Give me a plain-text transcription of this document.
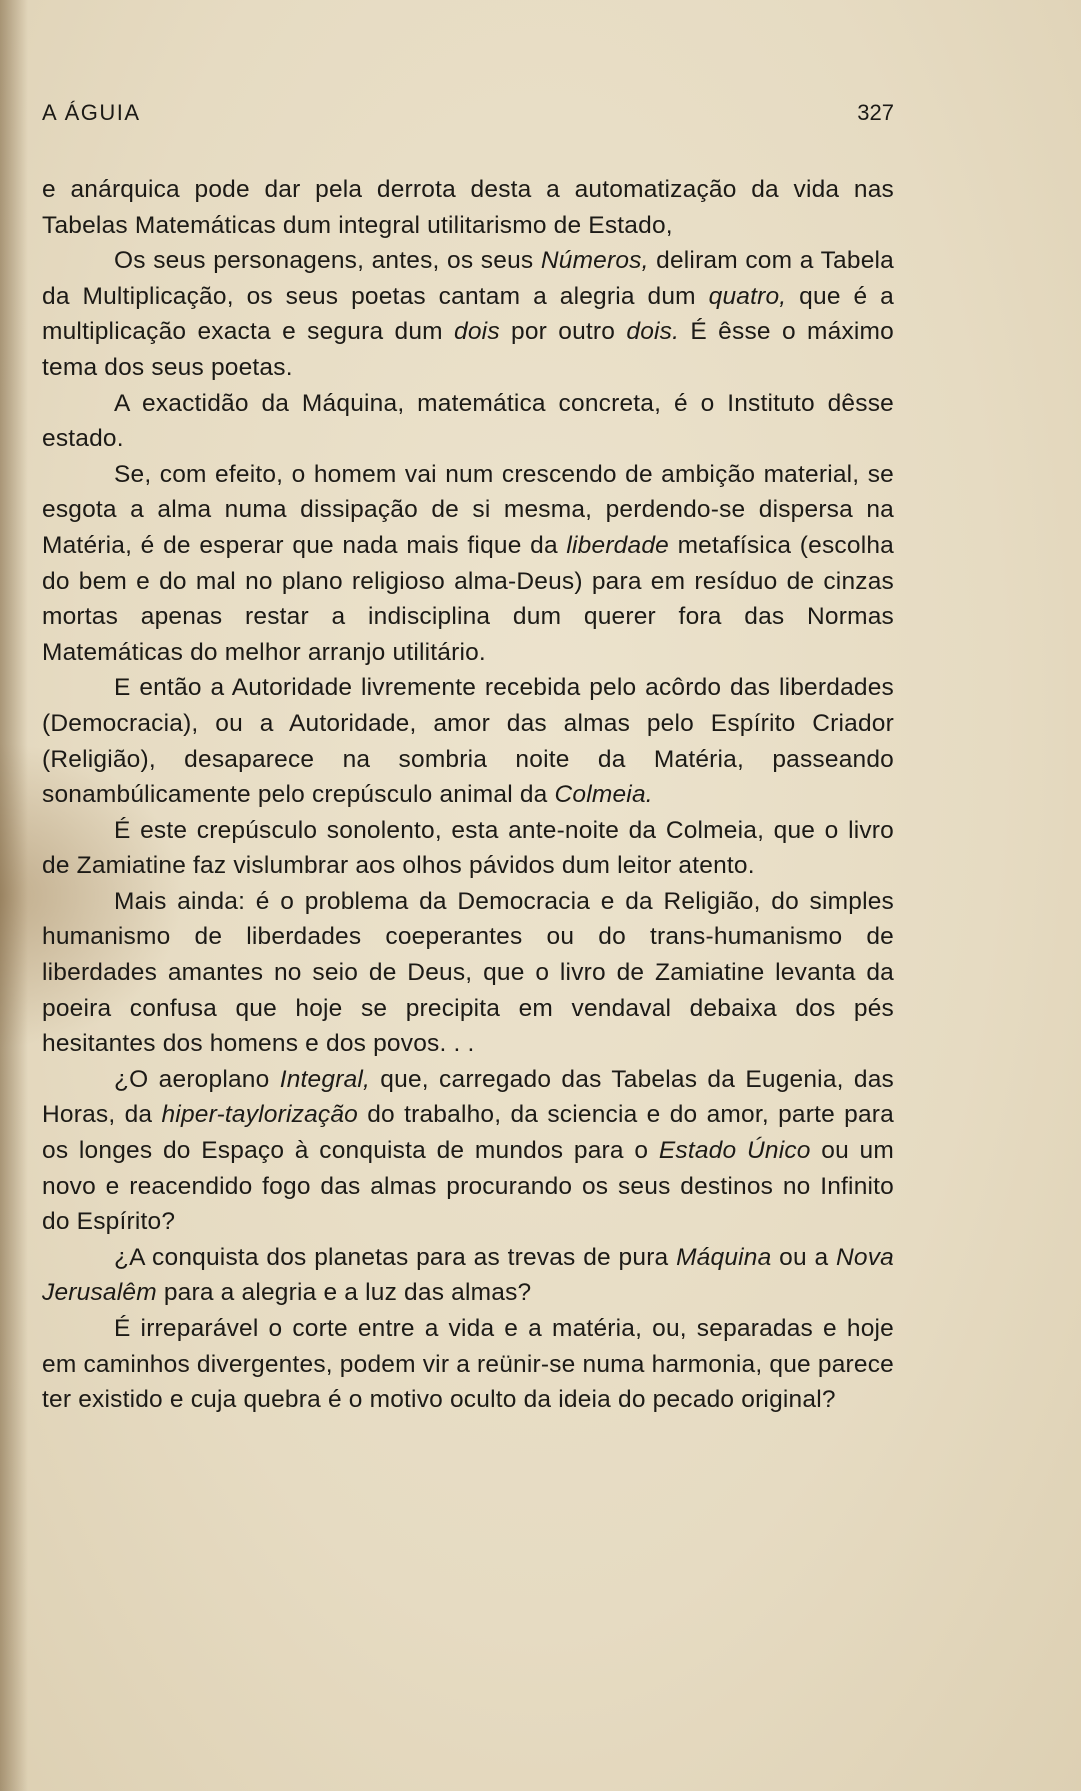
A ÁGUIA	327

e anárquica pode dar pela derrota desta a automatização da vida nas Tabelas Matemáticas dum integral utilitarismo de Estado,

Os seus personagens, antes, os seus Números, deliram com a Tabela da Multiplicação, os seus poetas cantam a alegria dum quatro, que é a multiplicação exacta e segura dum dois por outro dois. É êsse o máximo tema dos seus poetas.

A exactidão da Máquina, matemática concreta, é o Instituto dêsse estado.

Se, com efeito, o homem vai num crescendo de ambição material, se esgota a alma numa dissipação de si mesma, perdendo-se dispersa na Matéria, é de esperar que nada mais fique da liberdade metafísica (escolha do bem e do mal no plano religioso alma-Deus) para em resíduo de cinzas mortas apenas restar a indisciplina dum querer fora das Normas Matemáticas do melhor arranjo utilitário.

E então a Autoridade livremente recebida pelo acôrdo das liberdades (Democracia), ou a Autoridade, amor das almas pelo Espírito Criador (Religião), desaparece na sombria noite da Matéria, passeando sonambúlicamente pelo crepúsculo animal da Colmeia.

É este crepúsculo sonolento, esta ante-noite da Colmeia, que o livro de Zamiatine faz vislumbrar aos olhos pávidos dum leitor atento.

Mais ainda: é o problema da Democracia e da Religião, do simples humanismo de liberdades coeperantes ou do trans-humanismo de liberdades amantes no seio de Deus, que o livro de Zamiatine levanta da poeira confusa que hoje se precipita em vendaval debaixa dos pés hesitantes dos homens e dos povos. . .

¿O aeroplano Integral, que, carregado das Tabelas da Eugenia, das Horas, da hiper-taylorização do trabalho, da sciencia e do amor, parte para os longes do Espaço à conquista de mundos para o Estado Único ou um novo e reacendido fogo das almas procurando os seus destinos no Infinito do Espírito?

¿A conquista dos planetas para as trevas de pura Máquina ou a Nova Jerusalêm para a alegria e a luz das almas?

É irreparável o corte entre a vida e a matéria, ou, separadas e hoje em caminhos divergentes, podem vir a reünir-se numa harmonia, que parece ter existido e cuja quebra é o motivo oculto da ideia do pecado original?
